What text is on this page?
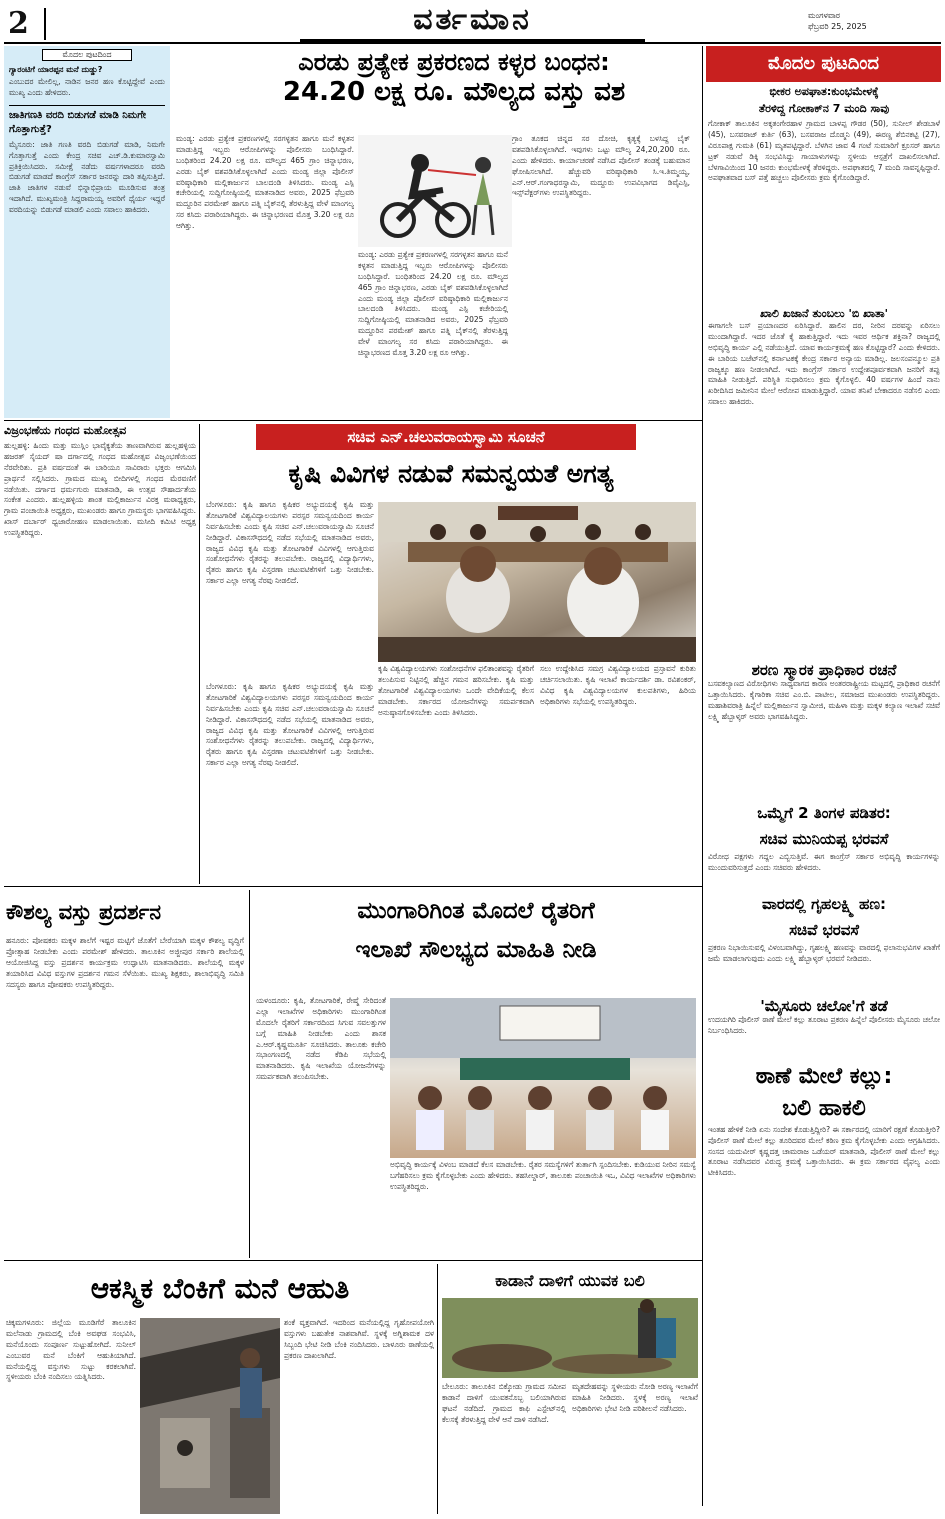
2	ವರ್ತಮಾನ	ಮಂಗಳವಾರ
ಫೆಬ್ರವರಿ 25, 2025
ಮೊದಲ ಪುಟದಿಂದ
ಗ್ಯಾರಂಟಿಗೆ ಯಾರಪ್ಪನ ಮನೆ ದುಡ್ಡು?
ಎಂಬುದರ ಮೇಲಿಲ್ಲ, ನಾಡಿನ ಜನರ ಹಣ ಕೊಟ್ಟಿದ್ದೇವೆ ಎಂದು ಮುಖ್ಯ ಎಂದು ಹೇಳಿದರು.
ಜಾತಿಗಣತಿ ವರದಿ ಬಿಡುಗಡೆ ಮಾಡಿ ನಿಮಗೇ ಗೊತ್ತಾಗುತ್ತೆ?
ಮೈಸೂರು: ಜಾತಿ ಗಣತಿ ವರದಿ ಬಿಡುಗಡೆ ಮಾಡಿ, ನಿಮಗೇ ಗೊತ್ತಾಗುತ್ತೆ ಎಂದು ಕೇಂದ್ರ ಸಚಿವ ಎಚ್.ಡಿ.ಕುಮಾರಸ್ವಾಮಿ ಪ್ರತಿಕ್ರಿಯಿಸಿದರು. ಸಮೀಕ್ಷೆ ನಡೆದು ವರ್ಷಗಳಾದರೂ ವರದಿ ಬಿಡುಗಡೆ ಮಾಡದೆ ಕಾಂಗ್ರೆಸ್ ಸರ್ಕಾರ ಜನರನ್ನು ದಾರಿ ತಪ್ಪಿಸುತ್ತಿದೆ. ಜಾತಿ ಜಾತಿಗಳ ನಡುವೆ ಭಿನ್ನಾಭಿಪ್ರಾಯ ಮೂಡಿಸುವ ತಂತ್ರ ಇದಾಗಿದೆ. ಮುಖ್ಯಮಂತ್ರಿ ಸಿದ್ದರಾಮಯ್ಯ ಅವರಿಗೆ ಧೈರ್ಯ ಇದ್ದರೆ ವರದಿಯನ್ನು ಬಿಡುಗಡೆ ಮಾಡಲಿ ಎಂದು ಸವಾಲು ಹಾಕಿದರು.
ಎರಡು ಪ್ರತ್ಯೇಕ ಪ್ರಕರಣದ ಕಳ್ಳರ ಬಂಧನ:
24.20 ಲಕ್ಷ ರೂ. ಮೌಲ್ಯದ ವಸ್ತು ವಶ
ಮಂಡ್ಯ: ಎರಡು ಪ್ರತ್ಯೇಕ ಪ್ರಕರಣಗಳಲ್ಲಿ ಸರಗಳ್ಳತನ ಹಾಗೂ ಮನೆ ಕಳ್ಳತನ ಮಾಡುತ್ತಿದ್ದ ಇಬ್ಬರು ಆರೋಪಿಗಳನ್ನು ಪೊಲೀಸರು ಬಂಧಿಸಿದ್ದಾರೆ. ಬಂಧಿತರಿಂದ 24.20 ಲಕ್ಷ ರೂ. ಮೌಲ್ಯದ 465 ಗ್ರಾಂ ಚಿನ್ನಾಭರಣ, ಎರಡು ಬೈಕ್ ವಶಪಡಿಸಿಕೊಳ್ಳಲಾಗಿದೆ ಎಂದು ಮಂಡ್ಯ ಜಿಲ್ಲಾ ಪೊಲೀಸ್ ವರಿಷ್ಠಾಧಿಕಾರಿ ಮಲ್ಲಿಕಾರ್ಜುನ ಬಾಲದಂಡಿ ತಿಳಿಸಿದರು. ಮಂಡ್ಯ ಎಸ್ಪಿ ಕಚೇರಿಯಲ್ಲಿ ಸುದ್ದಿಗೋಷ್ಠಿಯಲ್ಲಿ ಮಾತನಾಡಿದ ಅವರು, 2025 ಫೆಬ್ರವರಿ ಮದ್ದೂರಿನ ಪರಮೇಶ್ ಹಾಗೂ ಪತ್ನಿ ಬೈಕ್‌ನಲ್ಲಿ ತೆರಳುತ್ತಿದ್ದ ವೇಳೆ ಮಾಂಗಲ್ಯ ಸರ ಕಸಿದು ಪರಾರಿಯಾಗಿದ್ದರು. ಈ ಚಿನ್ನಾಭರಣದ ಮೊತ್ತ 3.20 ಲಕ್ಷ ರೂ ಆಗಿತ್ತು.
ಗ್ರಾಂ ತೂಕದ ಚಿನ್ನದ ಸರ ದೋಚಿ, ಕೃತ್ಯಕ್ಕೆ ಬಳಸಿದ್ದ ಬೈಕ್ ವಶಪಡಿಸಿಕೊಳ್ಳಲಾಗಿದೆ. ಇವುಗಳು ಒಟ್ಟು ಮೌಲ್ಯ 24,20,200 ರೂ. ಎಂದು ಹೇಳಿದರು. ಕಾರ್ಯಾಚರಣೆ ನಡೆಸಿದ ಪೊಲೀಸ್ ತಂಡಕ್ಕೆ ಬಹುಮಾನ ಘೋಷಿಸಲಾಗಿದೆ. ಹೆಚ್ಚುವರಿ ವರಿಷ್ಠಾಧಿಕಾರಿ ಸಿ.ಇ.ತಿಮ್ಮಯ್ಯ, ಎನ್.ಆರ್.ಗಂಗಾಧರಸ್ವಾಮಿ, ಮದ್ದೂರು ಉಪವಿಭಾಗದ ಡಿವೈಎಸ್ಪಿ, ಇನ್ಸ್‌ಪೆಕ್ಟರ್‌ಗಳು ಉಪಸ್ಥಿತರಿದ್ದರು.
ಮಂಡ್ಯ: ಎರಡು ಪ್ರತ್ಯೇಕ ಪ್ರಕರಣಗಳಲ್ಲಿ ಸರಗಳ್ಳತನ ಹಾಗೂ ಮನೆ ಕಳ್ಳತನ ಮಾಡುತ್ತಿದ್ದ ಇಬ್ಬರು ಆರೋಪಿಗಳನ್ನು ಪೊಲೀಸರು ಬಂಧಿಸಿದ್ದಾರೆ. ಬಂಧಿತರಿಂದ 24.20 ಲಕ್ಷ ರೂ. ಮೌಲ್ಯದ 465 ಗ್ರಾಂ ಚಿನ್ನಾಭರಣ, ಎರಡು ಬೈಕ್ ವಶಪಡಿಸಿಕೊಳ್ಳಲಾಗಿದೆ ಎಂದು ಮಂಡ್ಯ ಜಿಲ್ಲಾ ಪೊಲೀಸ್ ವರಿಷ್ಠಾಧಿಕಾರಿ ಮಲ್ಲಿಕಾರ್ಜುನ ಬಾಲದಂಡಿ ತಿಳಿಸಿದರು. ಮಂಡ್ಯ ಎಸ್ಪಿ ಕಚೇರಿಯಲ್ಲಿ ಸುದ್ದಿಗೋಷ್ಠಿಯಲ್ಲಿ ಮಾತನಾಡಿದ ಅವರು, 2025 ಫೆಬ್ರವರಿ ಮದ್ದೂರಿನ ಪರಮೇಶ್ ಹಾಗೂ ಪತ್ನಿ ಬೈಕ್‌ನಲ್ಲಿ ತೆರಳುತ್ತಿದ್ದ ವೇಳೆ ಮಾಂಗಲ್ಯ ಸರ ಕಸಿದು ಪರಾರಿಯಾಗಿದ್ದರು. ಈ ಚಿನ್ನಾಭರಣದ ಮೊತ್ತ 3.20 ಲಕ್ಷ ರೂ ಆಗಿತ್ತು.
ಮೊದಲ ಪುಟದಿಂದ
ಭೀಕರ ಅಪಘಾತ:ಕುಂಭಮೇಳಕ್ಕೆ
ತೆರಳಿದ್ದ ಗೋಕಾಕ್‌ನ 7 ಮಂದಿ ಸಾವು
ಗೋಕಾಕ್ ತಾಲೂಕಿನ ಅಕ್ಕತಂಗೇರಹಾಳ ಗ್ರಾಮದ ಬಾಳಪ್ಪ ಗೌಡರ (50), ಸುನೀಲ್ ಶೇಡಬಾಳೆ (45), ಬಸವರಾಜ್ ಕುರ್ತಿ (63), ಬಸವರಾಜ ದೊಡ್ಮನಿ (49), ಈರಣ್ಣ ಶೆಬಿನಕಟ್ಟಿ (27), ವಿರೂಪಾಕ್ಷ ಗುಮತಿ (61) ಮೃತಪಟ್ಟಿದ್ದಾರೆ. ಬೆಳಗಿನ ಜಾವ 4 ಗಂಟೆ ಸುಮಾರಿಗೆ ಕ್ರೂಸರ್ ಹಾಗೂ ಟ್ರಕ್ ನಡುವೆ ಡಿಕ್ಕಿ ಸಂಭವಿಸಿದ್ದು ಗಾಯಾಳುಗಳನ್ನು ಸ್ಥಳೀಯ ಆಸ್ಪತ್ರೆಗೆ ದಾಖಲಿಸಲಾಗಿದೆ. ಬೆಳಗಾವಿಯಿಂದ 10 ಜನರು ಕುಂಭಮೇಳಕ್ಕೆ ತೆರಳಿದ್ದರು. ಅಪಘಾತದಲ್ಲಿ 7 ಮಂದಿ ಸಾವನ್ನಪ್ಪಿದ್ದಾರೆ. ಅಪಘಾತವಾದ ಬಸ್ ಪತ್ತೆ ಹಚ್ಚಲು ಪೊಲೀಸರು ಕ್ರಮ ಕೈಗೊಂಡಿದ್ದಾರೆ.
ಖಾಲಿ ಖಜಾನೆ ತುಂಬಲು 'ಬಿ ಖಾತಾ'
ಈಗಾಗಲೇ ಬಸ್ ಪ್ರಯಾಣದರ ಏರಿಸಿದ್ದಾರೆ. ಹಾಲಿನ ದರ, ನೀರಿನ ದರವನ್ನು ಏರಿಸಲು ಮುಂದಾಗಿದ್ದಾರೆ. ಇದರ ಜೊತೆ ಕೈ ಹಾಕುತ್ತಿದ್ದಾರೆ. ಇದು ಇವರ ಆರ್ಥಿಕ ಶಕ್ತಿನಾ? ರಾಜ್ಯದಲ್ಲಿ ಅಭಿವೃದ್ಧಿ ಕಾರ್ಯ ಎಲ್ಲಿ ನಡೆಯುತ್ತಿದೆ. ಯಾವ ಕಾರ್ಯಕ್ರಮಕ್ಕೆ ಹಣ ಕೊಟ್ಟಿದ್ದಾರೆ? ಎಂದು ಕೇಳಿದರು. ಈ ಬಾರಿಯ ಬಜೆಟ್‌ನಲ್ಲಿ ಕರ್ನಾಟಕಕ್ಕೆ ಕೇಂದ್ರ ಸರ್ಕಾರ ಅನ್ಯಾಯ ಮಾಡಿಲ್ಲ. ಜಲಸಂಪನ್ಮೂಲ ಪ್ರತಿ ರಾಜ್ಯಕ್ಕೂ ಹಣ ನೀಡಲಾಗಿದೆ. ಇದು ಕಾಂಗ್ರೆಸ್ ಸರ್ಕಾರ ಉದ್ದೇಶಪೂರ್ವಕವಾಗಿ ಜನರಿಗೆ ತಪ್ಪು ಮಾಹಿತಿ ನೀಡುತ್ತಿದೆ. ಪರಿಸ್ಥಿತಿ ಸುಧಾರಿಸಲು ಕ್ರಮ ಕೈಗೊಳ್ಳಲಿ. 40 ವರ್ಷಗಳ ಹಿಂದೆ ನಾನು ಖರೀದಿಸಿದ ಜಮೀನಿನ ಮೇಲೆ ಆರೋಪ ಮಾಡುತ್ತಿದ್ದಾರೆ. ಯಾವ ತನಿಖೆ ಬೇಕಾದರೂ ನಡೆಸಲಿ ಎಂದು ಸವಾಲು ಹಾಕಿದರು.
ಶರಣ ಸ್ಮಾರಕ ಪ್ರಾಧಿಕಾರ ರಚನೆ
ಬಸವಕಲ್ಯಾಣದ ವಿರೋಧಿಗಳು ಸಾಧ್ಯವಾಗದ ಕಾರಣ ಅಂತರರಾಷ್ಟ್ರೀಯ ಮಟ್ಟದಲ್ಲಿ ಪ್ರಾಧಿಕಾರ ರಚನೆಗೆ ಒತ್ತಾಯಿಸಿದರು. ಕೈಗಾರಿಕಾ ಸಚಿವ ಎಂ.ಬಿ. ಪಾಟೀಲ, ಸಮಾಜದ ಮುಖಂಡರು ಉಪಸ್ಥಿತರಿದ್ದರು. ಮಹಾಶಿವರಾತ್ರಿ ಹಿನ್ನೆಲೆ ಮಲ್ಲಿಕಾರ್ಜುನ ಸ್ವಾಮೀಜಿ, ಮಹಿಳಾ ಮತ್ತು ಮಕ್ಕಳ ಕಲ್ಯಾಣ ಇಲಾಖೆ ಸಚಿವೆ ಲಕ್ಷ್ಮಿ ಹೆಬ್ಬಾಳ್ಕರ್ ಅವರು ಭಾಗವಹಿಸಿದ್ದರು.
ಒಮ್ಮೆಗೆ 2 ತಿಂಗಳ ಪಡಿತರ:
ಸಚಿವ ಮುನಿಯಪ್ಪ ಭರವಸೆ
ವಿರೋಧ ಪಕ್ಷಗಳು ಗದ್ದಲ ಎಬ್ಬಿಸುತ್ತಿವೆ. ಈಗ ಕಾಂಗ್ರೆಸ್ ಸರ್ಕಾರ ಅಭಿವೃದ್ಧಿ ಕಾರ್ಯಗಳನ್ನು ಮುಂದುವರಿಸುತ್ತದೆ ಎಂದು ಸಚಿವರು ಹೇಳಿದರು.
ವಾರದಲ್ಲಿ ಗೃಹಲಕ್ಷ್ಮಿ ಹಣ:
ಸಚಿವೆ ಭರವಸೆ
ಪ್ರಕರಣ ನಿಭಾಯಿಸುವಲ್ಲಿ ವಿಳಂಬವಾಗಿದ್ದು, ಗೃಹಲಕ್ಷ್ಮಿ ಹಣವನ್ನು ವಾರದಲ್ಲಿ ಫಲಾನುಭವಿಗಳ ಖಾತೆಗೆ ಜಮೆ ಮಾಡಲಾಗುವುದು ಎಂದು ಲಕ್ಷ್ಮಿ ಹೆಬ್ಬಾಳ್ಕರ್ ಭರವಸೆ ನೀಡಿದರು.
'ಮೈಸೂರು ಚಲೋ'ಗೆ ತಡೆ
ಉದಯಗಿರಿ ಪೊಲೀಸ್ ಠಾಣೆ ಮೇಲೆ ಕಲ್ಲು ತೂರಾಟ ಪ್ರಕರಣ ಹಿನ್ನೆಲೆ ಪೊಲೀಸರು ಮೈಸೂರು ಚಲೋ ನಿರ್ಬಂಧಿಸಿದರು.
ಠಾಣೆ ಮೇಲೆ ಕಲ್ಲು:
ಬಲಿ ಹಾಕಲಿ
ಇಂತಹ ಹೇಳಿಕೆ ನೀಡಿ ಏನು ಸಂದೇಶ ಕೊಡುತ್ತಿದ್ದೀರಿ? ಈ ಸರ್ಕಾರದಲ್ಲಿ ಯಾರಿಗೆ ರಕ್ಷಣೆ ಕೊಡುತ್ತೀರಿ? ಪೊಲೀಸ್ ಠಾಣೆ ಮೇಲೆ ಕಲ್ಲು ತೂರಿದವರ ಮೇಲೆ ಕಠಿಣ ಕ್ರಮ ಕೈಗೊಳ್ಳಬೇಕು ಎಂದು ಆಗ್ರಹಿಸಿದರು. ಸಂಸದ ಯದುವೀರ್ ಕೃಷ್ಣದತ್ತ ಚಾಮರಾಜ ಒಡೆಯರ್ ಮಾತನಾಡಿ, ಪೊಲೀಸ್ ಠಾಣೆ ಮೇಲೆ ಕಲ್ಲು ತೂರಾಟ ನಡೆಸಿದವರ ವಿರುದ್ಧ ಕ್ರಮಕ್ಕೆ ಒತ್ತಾಯಿಸಿದರು. ಈ ಕ್ರಮ ಸರ್ಕಾರದ ವೈಫಲ್ಯ ಎಂದು ಟೀಕಿಸಿದರು.
ವಿಜ್ರಂಭಣೆಯ ಗಂಧದ ಮಹೋತ್ಸವ
ಹುಲ್ಲಹಳ್ಳಿ: ಹಿಂದು ಮತ್ತು ಮುಸ್ಲಿಂ ಭಾವೈಕ್ಯತೆಯ ತಾಣವಾಗಿರುವ ಹುಲ್ಲಹಳ್ಳಿಯ ಹಜರತ್ ಸೈಯದ್ ಷಾ ದರ್ಗಾದಲ್ಲಿ ಗಂಧದ ಮಹೋತ್ಸವ ವಿಜೃಂಭಣೆಯಿಂದ ನೆರವೇರಿತು. ಪ್ರತಿ ವರ್ಷದಂತೆ ಈ ಬಾರಿಯೂ ಸಾವಿರಾರು ಭಕ್ತರು ಆಗಮಿಸಿ ಪ್ರಾರ್ಥನೆ ಸಲ್ಲಿಸಿದರು. ಗ್ರಾಮದ ಮುಖ್ಯ ಬೀದಿಗಳಲ್ಲಿ ಗಂಧದ ಮೆರವಣಿಗೆ ನಡೆಯಿತು. ದರ್ಗಾದ ಧರ್ಮಗುರು ಮಾತನಾಡಿ, ಈ ಉತ್ಸವ ಸೌಹಾರ್ದತೆಯ ಸಂಕೇತ ಎಂದರು. ಹುಲ್ಲಹಳ್ಳಿಯ ಶಾಂತ ಮಲ್ಲಿಕಾರ್ಜುನ ವಿರಕ್ತ ಮಠಾಧ್ಯಕ್ಷರು, ಗ್ರಾಮ ಪಂಚಾಯಿತಿ ಅಧ್ಯಕ್ಷರು, ಮುಖಂಡರು ಹಾಗೂ ಗ್ರಾಮಸ್ಥರು ಭಾಗವಹಿಸಿದ್ದರು. ಖಾಸ್ ದರ್ಬಾರ್ ಧ್ವಜಾರೋಹಣ ಮಾಡಲಾಯಿತು. ಮಸೀದಿ ಕಮಿಟಿ ಅಧ್ಯಕ್ಷ ಉಪಸ್ಥಿತರಿದ್ದರು.
ಸಚಿವ ಎನ್.ಚಲುವರಾಯಸ್ವಾಮಿ ಸೂಚನೆ
ಕೃಷಿ ವಿವಿಗಳ ನಡುವೆ ಸಮನ್ವಯತೆ ಅಗತ್ಯ
ಬೆಂಗಳೂರು: ಕೃಷಿ ಹಾಗೂ ಕೃಷಿಕರ ಅಭ್ಯುದಯಕ್ಕೆ ಕೃಷಿ ಮತ್ತು ತೋಟಗಾರಿಕೆ ವಿಶ್ವವಿದ್ಯಾಲಯಗಳು ಪರಸ್ಪರ ಸಮನ್ವಯದಿಂದ ಕಾರ್ಯ ನಿರ್ವಹಿಸಬೇಕು ಎಂದು ಕೃಷಿ ಸಚಿವ ಎನ್.ಚಲುವರಾಯಸ್ವಾಮಿ ಸೂಚನೆ ನೀಡಿದ್ದಾರೆ. ವಿಕಾಸಸೌಧದಲ್ಲಿ ನಡೆದ ಸಭೆಯಲ್ಲಿ ಮಾತನಾಡಿದ ಅವರು, ರಾಜ್ಯದ ವಿವಿಧ ಕೃಷಿ ಮತ್ತು ತೋಟಗಾರಿಕೆ ವಿವಿಗಳಲ್ಲಿ ಆಗುತ್ತಿರುವ ಸಂಶೋಧನೆಗಳು ರೈತರನ್ನು ತಲುಪಬೇಕು. ರಾಜ್ಯದಲ್ಲಿ ವಿದ್ಯಾರ್ಥಿಗಳು, ರೈತರು ಹಾಗೂ ಕೃಷಿ ವಿಸ್ತರಣಾ ಚಟುವಟಿಕೆಗಳಿಗೆ ಒತ್ತು ನೀಡಬೇಕು. ಸರ್ಕಾರ ಎಲ್ಲಾ ಅಗತ್ಯ ನೆರವು ನೀಡಲಿದೆ.
ಕೃಷಿ ವಿಶ್ವವಿದ್ಯಾಲಯಗಳು ಸಂಶೋಧನೆಗಳ ಫಲಿತಾಂಶವನ್ನು ರೈತರಿಗೆ ತಲುಪಿಸುವ ನಿಟ್ಟಿನಲ್ಲಿ ಹೆಚ್ಚಿನ ಗಮನ ಹರಿಸಬೇಕು. ಕೃಷಿ ಮತ್ತು ತೋಟಗಾರಿಕೆ ವಿಶ್ವವಿದ್ಯಾಲಯಗಳು ಒಂದೇ ವೇದಿಕೆಯಲ್ಲಿ ಕೆಲಸ ಮಾಡಬೇಕು. ಸರ್ಕಾರದ ಯೋಜನೆಗಳನ್ನು ಸಮರ್ಪಕವಾಗಿ ಅನುಷ್ಠಾನಗೊಳಿಸಬೇಕು ಎಂದು ತಿಳಿಸಿದರು.
ಸಲು ಉದ್ದೇಶಿಸಿದ ಸಮಗ್ರ ವಿಶ್ವವಿದ್ಯಾಲಯದ ಪ್ರಸ್ತಾವನೆ ಕುರಿತು ಚರ್ಚಿಸಲಾಯಿತು. ಕೃಷಿ ಇಲಾಖೆ ಕಾರ್ಯದರ್ಶಿ ಡಾ. ರವಿಶಂಕರ್, ವಿವಿಧ ಕೃಷಿ ವಿಶ್ವವಿದ್ಯಾಲಯಗಳ ಕುಲಪತಿಗಳು, ಹಿರಿಯ ಅಧಿಕಾರಿಗಳು ಸಭೆಯಲ್ಲಿ ಉಪಸ್ಥಿತರಿದ್ದರು.
ಬೆಂಗಳೂರು: ಕೃಷಿ ಹಾಗೂ ಕೃಷಿಕರ ಅಭ್ಯುದಯಕ್ಕೆ ಕೃಷಿ ಮತ್ತು ತೋಟಗಾರಿಕೆ ವಿಶ್ವವಿದ್ಯಾಲಯಗಳು ಪರಸ್ಪರ ಸಮನ್ವಯದಿಂದ ಕಾರ್ಯ ನಿರ್ವಹಿಸಬೇಕು ಎಂದು ಕೃಷಿ ಸಚಿವ ಎನ್.ಚಲುವರಾಯಸ್ವಾಮಿ ಸೂಚನೆ ನೀಡಿದ್ದಾರೆ. ವಿಕಾಸಸೌಧದಲ್ಲಿ ನಡೆದ ಸಭೆಯಲ್ಲಿ ಮಾತನಾಡಿದ ಅವರು, ರಾಜ್ಯದ ವಿವಿಧ ಕೃಷಿ ಮತ್ತು ತೋಟಗಾರಿಕೆ ವಿವಿಗಳಲ್ಲಿ ಆಗುತ್ತಿರುವ ಸಂಶೋಧನೆಗಳು ರೈತರನ್ನು ತಲುಪಬೇಕು. ರಾಜ್ಯದಲ್ಲಿ ವಿದ್ಯಾರ್ಥಿಗಳು, ರೈತರು ಹಾಗೂ ಕೃಷಿ ವಿಸ್ತರಣಾ ಚಟುವಟಿಕೆಗಳಿಗೆ ಒತ್ತು ನೀಡಬೇಕು. ಸರ್ಕಾರ ಎಲ್ಲಾ ಅಗತ್ಯ ನೆರವು ನೀಡಲಿದೆ.
ಕೌಶಲ್ಯ ವಸ್ತು ಪ್ರದರ್ಶನ
ಹನೂರು: ಪೋಷಕರು ಮಕ್ಕಳ ಶಾಲೆಗೆ ಇಷ್ಟರ ಮಟ್ಟಿಗೆ ಜೊತೆಗೆ ಬೇರೆಯಾಗಿ ಮಕ್ಕಳ ಕೌಶಲ್ಯ ವೃದ್ಧಿಗೆ ಪ್ರೋತ್ಸಾಹ ನೀಡಬೇಕು ಎಂದು ಪರಮೇಶ್ ಹೇಳಿದರು. ತಾಲೂಕಿನ ಅಜ್ಜೀಪುರ ಸರ್ಕಾರಿ ಶಾಲೆಯಲ್ಲಿ ಆಯೋಜಿಸಿದ್ದ ವಸ್ತು ಪ್ರದರ್ಶನ ಕಾರ್ಯಕ್ರಮ ಉದ್ಘಾಟಿಸಿ ಮಾತನಾಡಿದರು. ಶಾಲೆಯಲ್ಲಿ ಮಕ್ಕಳ ತಯಾರಿಸಿದ ವಿವಿಧ ವಸ್ತುಗಳ ಪ್ರದರ್ಶನ ಗಮನ ಸೆಳೆಯಿತು. ಮುಖ್ಯ ಶಿಕ್ಷಕರು, ಶಾಲಾಭಿವೃದ್ಧಿ ಸಮಿತಿ ಸದಸ್ಯರು ಹಾಗೂ ಪೋಷಕರು ಉಪಸ್ಥಿತರಿದ್ದರು.
ಮುಂಗಾರಿಗಿಂತ ಮೊದಲೆ ರೈತರಿಗೆ
ಇಲಾಖೆ ಸೌಲಭ್ಯದ ಮಾಹಿತಿ ನೀಡಿ
ಯಳಂದೂರು: ಕೃಷಿ, ತೋಟಗಾರಿಕೆ, ರೇಷ್ಮೆ ಸೇರಿದಂತೆ ಎಲ್ಲಾ ಇಲಾಖೆಗಳ ಅಧಿಕಾರಿಗಳು ಮುಂಗಾರಿಗಿಂತ ಮೊದಲೇ ರೈತರಿಗೆ ಸರ್ಕಾರದಿಂದ ಸಿಗುವ ಸವಲತ್ತುಗಳ ಬಗ್ಗೆ ಮಾಹಿತಿ ನೀಡಬೇಕು ಎಂದು ಶಾಸಕ ಎ.ಆರ್.ಕೃಷ್ಣಮೂರ್ತಿ ಸೂಚಿಸಿದರು. ತಾಲೂಕು ಕಚೇರಿ ಸಭಾಂಗಣದಲ್ಲಿ ನಡೆದ ಕೆಡಿಪಿ ಸಭೆಯಲ್ಲಿ ಮಾತನಾಡಿದರು. ಕೃಷಿ ಇಲಾಖೆಯ ಯೋಜನೆಗಳನ್ನು ಸಮರ್ಪಕವಾಗಿ ತಲುಪಿಸಬೇಕು.
ಅಭಿವೃದ್ಧಿ ಕಾರ್ಯಕ್ಕೆ ವಿಳಂಬ ಮಾಡದೆ ಕೆಲಸ ಮಾಡಬೇಕು. ರೈತರ ಸಮಸ್ಯೆಗಳಿಗೆ ತುರ್ತಾಗಿ ಸ್ಪಂದಿಸಬೇಕು. ಕುಡಿಯುವ ನೀರಿನ ಸಮಸ್ಯೆ ಬಗೆಹರಿಸಲು ಕ್ರಮ ಕೈಗೊಳ್ಳಬೇಕು ಎಂದು ಹೇಳಿದರು. ತಹಸೀಲ್ದಾರ್, ತಾಲೂಕು ಪಂಚಾಯಿತಿ ಇಒ, ವಿವಿಧ ಇಲಾಖೆಗಳ ಅಧಿಕಾರಿಗಳು ಉಪಸ್ಥಿತರಿದ್ದರು.
ಆಕಸ್ಮಿಕ ಬೆಂಕಿಗೆ ಮನೆ ಆಹುತಿ
ಚಿಕ್ಕಮಗಳೂರು: ಜಿಲ್ಲೆಯ ಮೂಡಿಗೆರೆ ತಾಲೂಕಿನ ಮಲೆನಾಡು ಗ್ರಾಮದಲ್ಲಿ ಬೆಂಕಿ ಅವಘಡ ಸಂಭವಿಸಿ, ಮನೆಯೊಂದು ಸಂಪೂರ್ಣ ಸುಟ್ಟುಹೋಗಿದೆ. ಸುನೀಲ್ ಎಂಬುವರ ಮನೆ ಬೆಂಕಿಗೆ ಆಹುತಿಯಾಗಿದೆ. ಮನೆಯಲ್ಲಿದ್ದ ವಸ್ತುಗಳು ಸುಟ್ಟು ಕರಕಲಾಗಿವೆ. ಸ್ಥಳೀಯರು ಬೆಂಕಿ ನಂದಿಸಲು ಯತ್ನಿಸಿದರು.
ಶಂಕೆ ವ್ಯಕ್ತವಾಗಿದೆ. ಇದರಿಂದ ಮನೆಯಲ್ಲಿದ್ದ ಗೃಹೋಪಯೋಗಿ ವಸ್ತುಗಳು ಬಹುತೇಕ ನಾಶವಾಗಿವೆ. ಸ್ಥಳಕ್ಕೆ ಅಗ್ನಿಶಾಮಕ ದಳ ಸಿಬ್ಬಂದಿ ಭೇಟಿ ನೀಡಿ ಬೆಂಕಿ ನಂದಿಸಿದರು. ಬಾಳೂರು ಠಾಣೆಯಲ್ಲಿ ಪ್ರಕರಣ ದಾಖಲಾಗಿದೆ.
ಕಾಡಾನೆ ದಾಳಿಗೆ ಯುವಕ ಬಲಿ
ಬೇಲೂರು: ತಾಲೂಕಿನ ಬಿಕ್ಕೋಡು ಗ್ರಾಮದ ಸಮೀಪ ಕಾಡಾನೆ ದಾಳಿಗೆ ಯುವಕನೊಬ್ಬ ಬಲಿಯಾಗಿರುವ ಘಟನೆ ನಡೆದಿದೆ. ಗ್ರಾಮದ ಕಾಫಿ ಎಸ್ಟೇಟ್‌ನಲ್ಲಿ ಕೆಲಸಕ್ಕೆ ತೆರಳುತ್ತಿದ್ದ ವೇಳೆ ಆನೆ ದಾಳಿ ನಡೆಸಿದೆ.
ಮೃತದೇಹವನ್ನು ಸ್ಥಳೀಯರು ನೋಡಿ ಅರಣ್ಯ ಇಲಾಖೆಗೆ ಮಾಹಿತಿ ನೀಡಿದರು. ಸ್ಥಳಕ್ಕೆ ಅರಣ್ಯ ಇಲಾಖೆ ಅಧಿಕಾರಿಗಳು ಭೇಟಿ ನೀಡಿ ಪರಿಶೀಲನೆ ನಡೆಸಿದರು.
